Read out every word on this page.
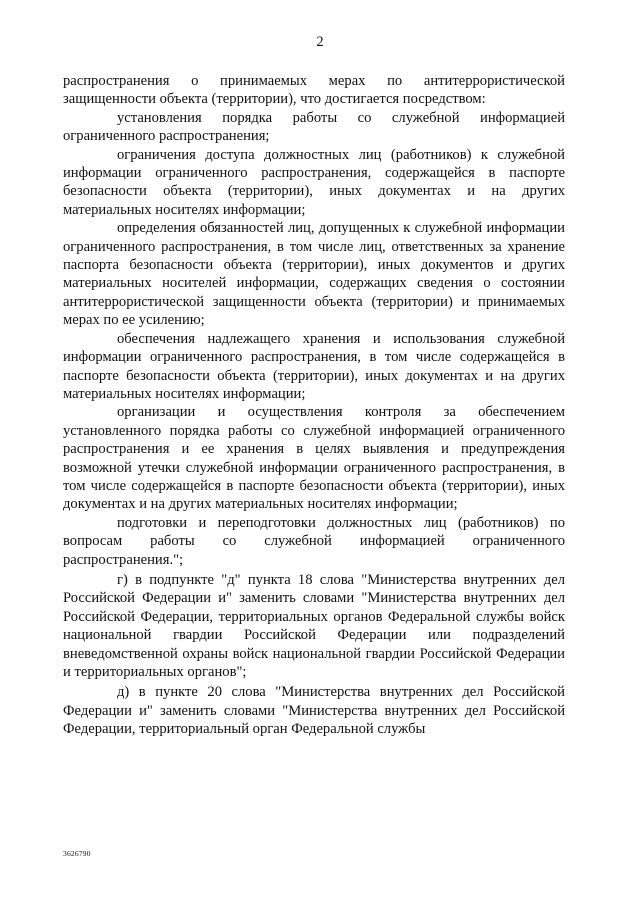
2

распространения о принимаемых мерах по антитеррористической защищенности объекта (территории), что достигается посредством:

установления порядка работы со служебной информацией ограниченного распространения;

ограничения доступа должностных лиц (работников) к служебной информации ограниченного распространения, содержащейся в паспорте безопасности объекта (территории), иных документах и на других материальных носителях информации;

определения обязанностей лиц, допущенных к служебной информации ограниченного распространения, в том числе лиц, ответственных за хранение паспорта безопасности объекта (территории), иных документов и других материальных носителей информации, содержащих сведения о состоянии антитеррористической защищенности объекта (территории) и принимаемых мерах по ее усилению;

обеспечения надлежащего хранения и использования служебной информации ограниченного распространения, в том числе содержащейся в паспорте безопасности объекта (территории), иных документах и на других материальных носителях информации;

организации и осуществления контроля за обеспечением установленного порядка работы со служебной информацией ограниченного распространения и ее хранения в целях выявления и предупреждения возможной утечки служебной информации ограниченного распространения, в том числе содержащейся в паспорте безопасности объекта (территории), иных документах и на других материальных носителях информации;

подготовки и переподготовки должностных лиц (работников) по вопросам работы со служебной информацией ограниченного распространения.";

г) в подпункте "д" пункта 18 слова "Министерства внутренних дел Российской Федерации и" заменить словами "Министерства внутренних дел Российской Федерации, территориальных органов Федеральной службы войск национальной гвардии Российской Федерации или подразделений вневедомственной охраны войск национальной гвардии Российской Федерации и территориальных органов";

д) в пункте 20 слова "Министерства внутренних дел Российской Федерации и" заменить словами "Министерства внутренних дел Российской Федерации, территориальный орган Федеральной службы

3626790
